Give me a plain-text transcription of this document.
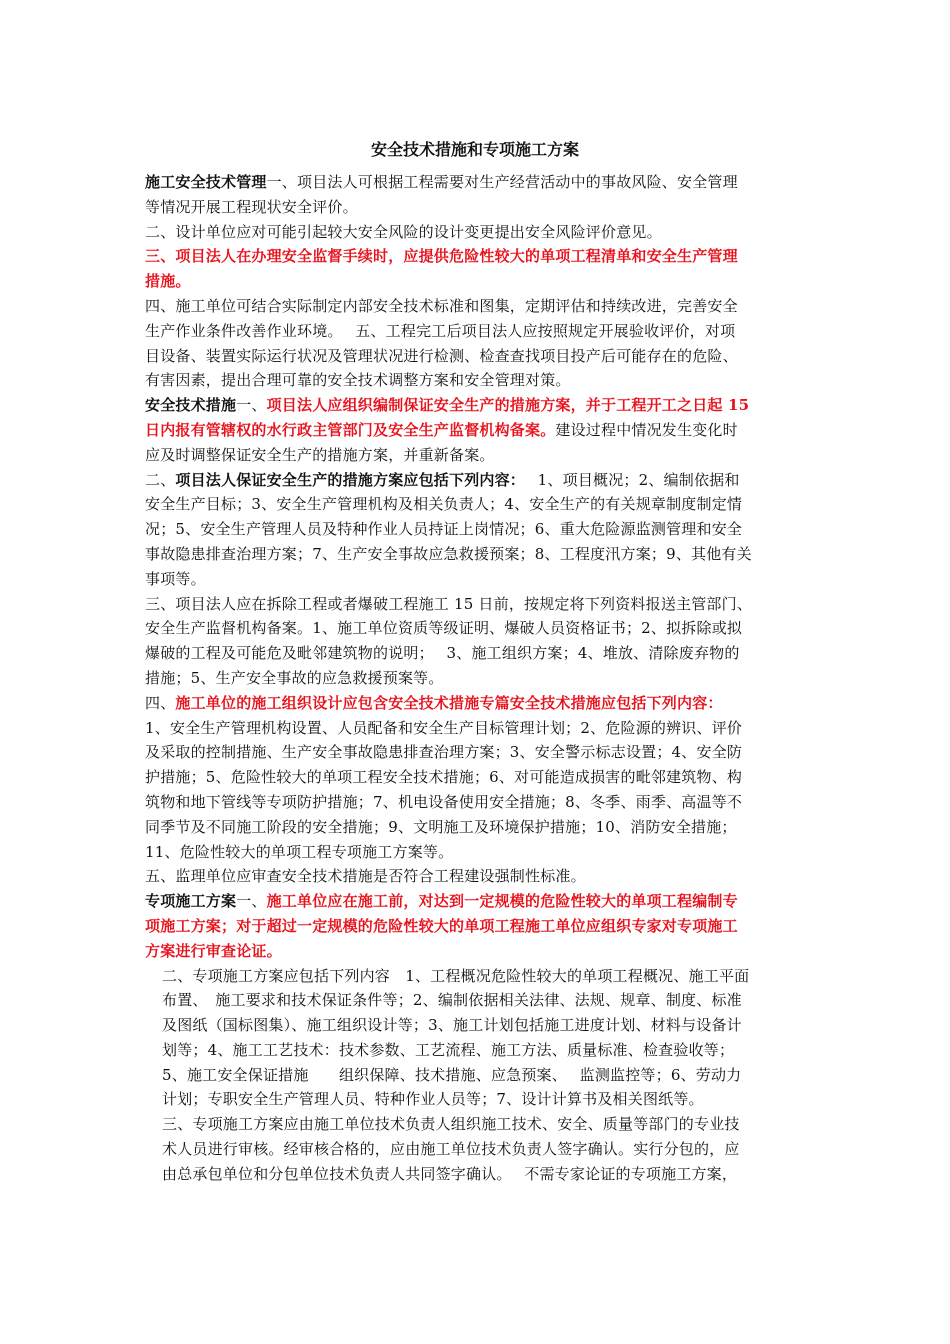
安全技术措施和专项施工方案
施工安全技术管理一、项目法人可根据工程需要对生产经营活动中的事故风险、安全管理
等情况开展工程现状安全评价。
二、设计单位应对可能引起较大安全风险的设计变更提出安全风险评价意见。
三、项目法人在办理安全监督手续时，应提供危险性较大的单项工程清单和安全生产管理
措施。
四、施工单位可结合实际制定内部安全技术标准和图集，定期评估和持续改进，完善安全
生产作业条件改善作业环境。　 五、工程完工后项目法人应按照规定开展验收评价，对项
目设备、装置实际运行状况及管理状况进行检测、检查查找项目投产后可能存在的危险、
有害因素，提出合理可靠的安全技术调整方案和安全管理对策。
安全技术措施一、项目法人应组织编制保证安全生产的措施方案，并于工程开工之日起 15
日内报有管辖权的水行政主管部门及安全生产监督机构备案。建设过程中情况发生变化时
应及时调整保证安全生产的措施方案，并重新备案。
二、项目法人保证安全生产的措施方案应包括下列内容：　 1、项目概况；2、编制依据和
安全生产目标；3、安全生产管理机构及相关负责人；4、安全生产的有关规章制度制定情
况；5、安全生产管理人员及特种作业人员持证上岗情况；6、重大危险源监测管理和安全
事故隐患排查治理方案；7、生产安全事故应急救援预案；8、工程度汛方案；9、其他有关
事项等。
三、项目法人应在拆除工程或者爆破工程施工 15 日前，按规定将下列资料报送主管部门、
安全生产监督机构备案。1、施工单位资质等级证明、爆破人员资格证书；2、拟拆除或拟
爆破的工程及可能危及毗邻建筑物的说明；　 3、施工组织方案；4、堆放、清除废弃物的
措施；5、生产安全事故的应急救援预案等。
四、施工单位的施工组织设计应包含安全技术措施专篇安全技术措施应包括下列内容：
1、安全生产管理机构设置、人员配备和安全生产目标管理计划；2、危险源的辨识、评价
及采取的控制措施、生产安全事故隐患排查治理方案；3、安全警示标志设置；4、安全防
护措施；5、危险性较大的单项工程安全技术措施；6、对可能造成损害的毗邻建筑物、构
筑物和地下管线等专项防护措施；7、机电设备使用安全措施；8、冬季、雨季、高温等不
同季节及不同施工阶段的安全措施；9、文明施工及环境保护措施；10、消防安全措施；
11、危险性较大的单项工程专项施工方案等。
五、监理单位应审查安全技术措施是否符合工程建设强制性标准。
专项施工方案一、施工单位应在施工前，对达到一定规模的危险性较大的单项工程编制专
项施工方案；对于超过一定规模的危险性较大的单项工程施工单位应组织专家对专项施工
方案进行审查论证。
二、专项施工方案应包括下列内容　1、工程概况危险性较大的单项工程概况、施工平面
布置、　施工要求和技术保证条件等；2、编制依据相关法律、法规、规章、制度、标准
及图纸（国标图集）、施工组织设计等；3、施工计划包括施工进度计划、材料与设备计
划等；4、施工工艺技术：技术参数、工艺流程、施工方法、质量标准、检查验收等；
5、施工安全保证措施　　组织保障、技术措施、应急预案、　 监测监控等；6、劳动力
计划；专职安全生产管理人员、特种作业人员等；7、设计计算书及相关图纸等。
三、专项施工方案应由施工单位技术负责人组织施工技术、安全、质量等部门的专业技
术人员进行审核。经审核合格的，应由施工单位技术负责人签字确认。实行分包的，应
由总承包单位和分包单位技术负责人共同签字确认。　 不需专家论证的专项施工方案，
